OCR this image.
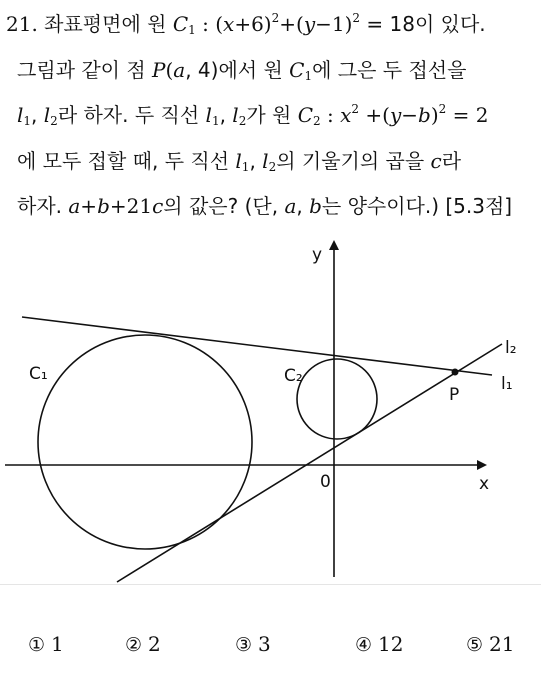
21. 좌표평면에 원 $C_1$ : $(x+6)^2+(y-1)^2 = 18$이 있다.
그림과 같이 점 P(a, 4)에서 원 $C_1$에 그은 두 접선을
$l_1$, $l_2$라 하자. 두 직선 $l_1$, $l_2$가 원 $C_2$ : $x^2 +(y-b)^2 = 2$
에 모두 접할 때, 두 직선 $l_1$, $l_2$의 기울기의 곱을 c라
하자. a+b+21c의 값은? (단, a, b는 양수이다.) [5.3점]
y
x
0
C₁	C₂
P
l₁
l₂
① 1	② 2	③ 3	④ 12	⑤ 21
